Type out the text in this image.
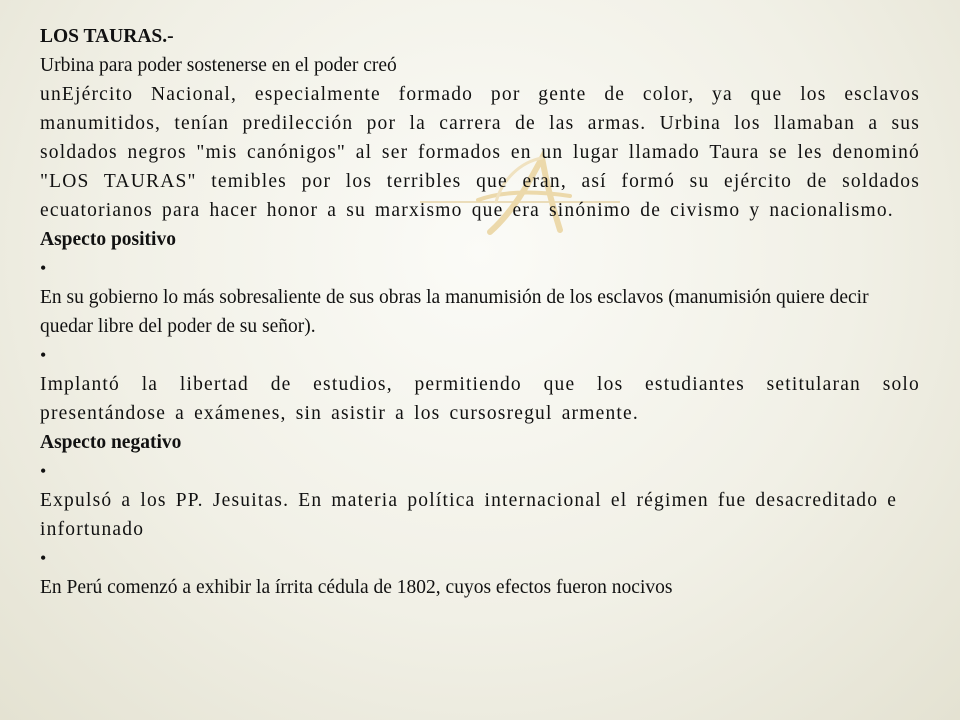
LOS TAURAS.-

Urbina para poder sostenerse en el poder creó

unEjército Nacional, especialmente formado por gente de color, ya que los esclavos manumitidos, tenían predilección por la carrera de las armas. Urbina los llamaban a sus soldados negros "mis canónigos" al ser formados en un lugar llamado Taura se les denominó "LOS TAURAS" temibles por los terribles que eran, así formó su ejército de soldados ecuatorianos para hacer honor a su marxismo que era sinónimo de civismo y nacionalismo.

Aspecto positivo

•

En su gobierno lo más sobresaliente de sus obras la manumisión de los esclavos (manumisión quiere decir quedar libre del poder de su señor).

•

Implantó la libertad de estudios, permitiendo que los estudiantes setitularan solo presentándose a exámenes, sin asistir a los cursosregul armente.

Aspecto negativo

•

Expulsó a los PP. Jesuitas. En materia política internacional el régimen fue desacreditado e infortunado

•

En Perú comenzó a exhibir la írrita cédula de 1802, cuyos efectos fueron nocivos
